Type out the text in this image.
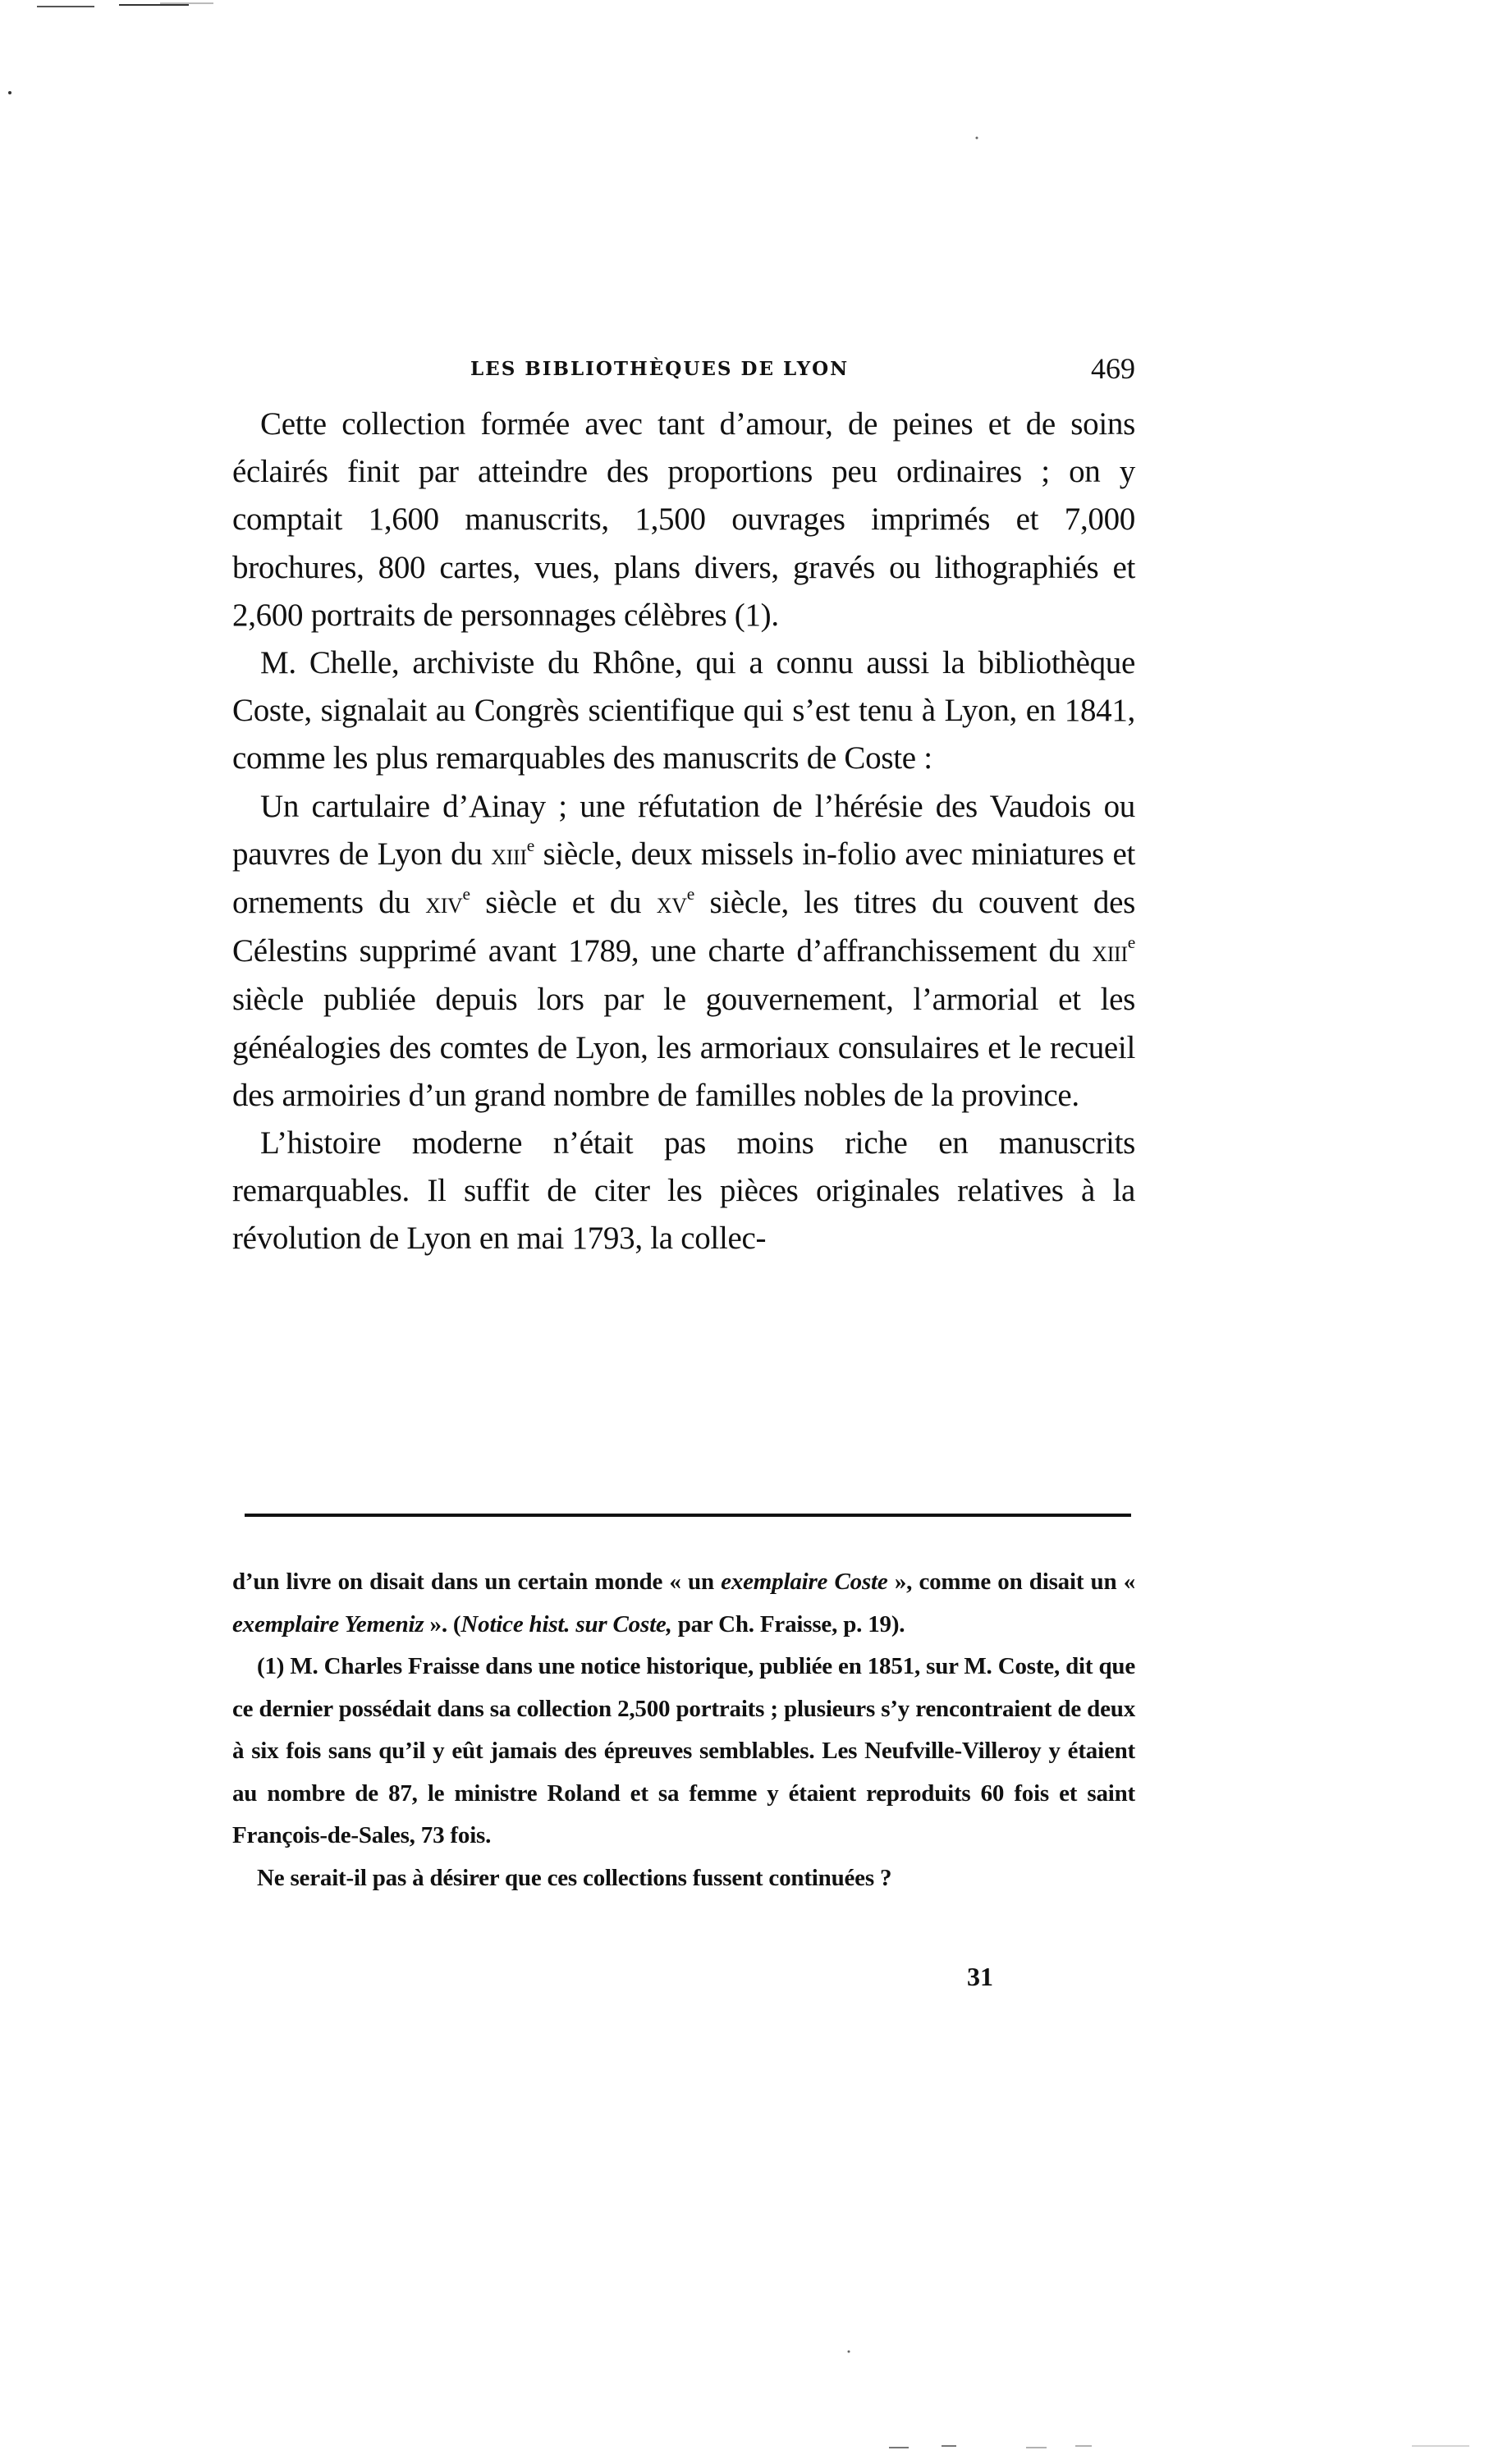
LES BIBLIOTHÈQUES DE LYON	469

Cette collection formée avec tant d’amour, de peines et de soins éclairés finit par atteindre des proportions peu ordinaires ; on y comptait 1,600 manuscrits, 1,500 ouvrages imprimés et 7,000 brochures, 800 cartes, vues, plans divers, gravés ou lithographiés et 2,600 portraits de personnages célèbres (1).

M. Chelle, archiviste du Rhône, qui a connu aussi la bibliothèque Coste, signalait au Congrès scientifique qui s’est tenu à Lyon, en 1841, comme les plus remarquables des manuscrits de Coste :

Un cartulaire d’Ainay ; une réfutation de l’hérésie des Vaudois ou pauvres de Lyon du xiii$^e$ siècle, deux missels in-folio avec miniatures et ornements du xiv$^e$ siècle et du $xv^e$ siècle, les titres du couvent des Célestins supprimé avant 1789, une charte d’affranchissement du xiii$^e$ siècle publiée depuis lors par le gouvernement, l’armorial et les généalogies des comtes de Lyon, les armoriaux consulaires et le recueil des armoiries d’un grand nombre de familles nobles de la province.

L’histoire moderne n’était pas moins riche en manuscrits remarquables. Il suffit de citer les pièces originales relatives à la révolution de Lyon en mai 1793, la collec-

d’un livre on disait dans un certain monde « un exemplaire Coste », comme on disait un « exemplaire Yemeniz ». (Notice hist. sur Coste, par Ch. Fraisse, p. 19).

(1) M. Charles Fraisse dans une notice historique, publiée en 1851, sur M. Coste, dit que ce dernier possédait dans sa collection 2,500 portraits ; plusieurs s’y rencontraient de deux à six fois sans qu’il y eût jamais des épreuves semblables. Les Neufville-Villeroy y étaient au nombre de 87, le ministre Roland et sa femme y étaient reproduits 60 fois et saint François-de-Sales, 73 fois.

Ne serait-il pas à désirer que ces collections fussent continuées ?

31
